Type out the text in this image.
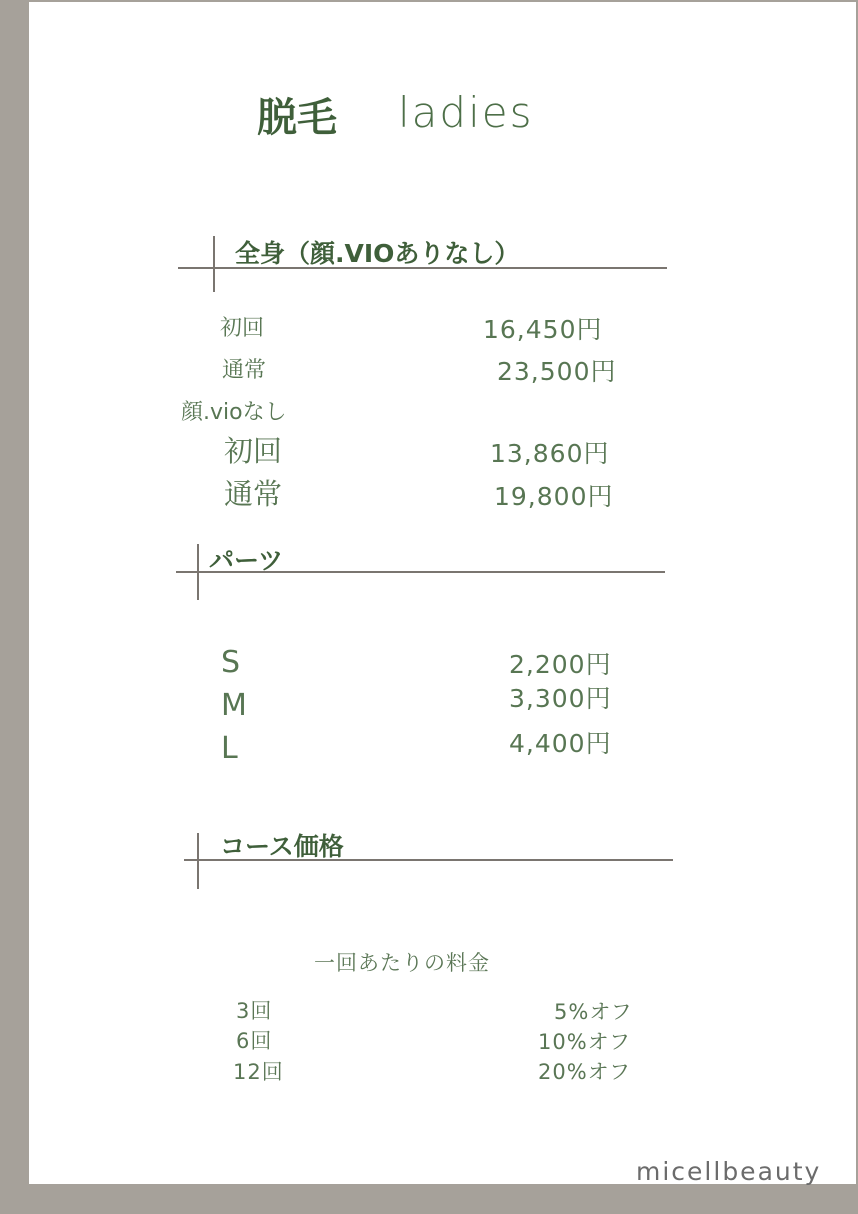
脱毛 ladies
全身（顔.VIOありなし）
初回	16,450円
通常	23,500円
顔.vioなし
初回	13,860円
通常	19,800円
パーツ
S	2,200円
M	3,300円
L	4,400円
コース価格
一回あたりの料金
3回	5%オフ
6回	10%オフ
12回	20%オフ
micellbeauty
